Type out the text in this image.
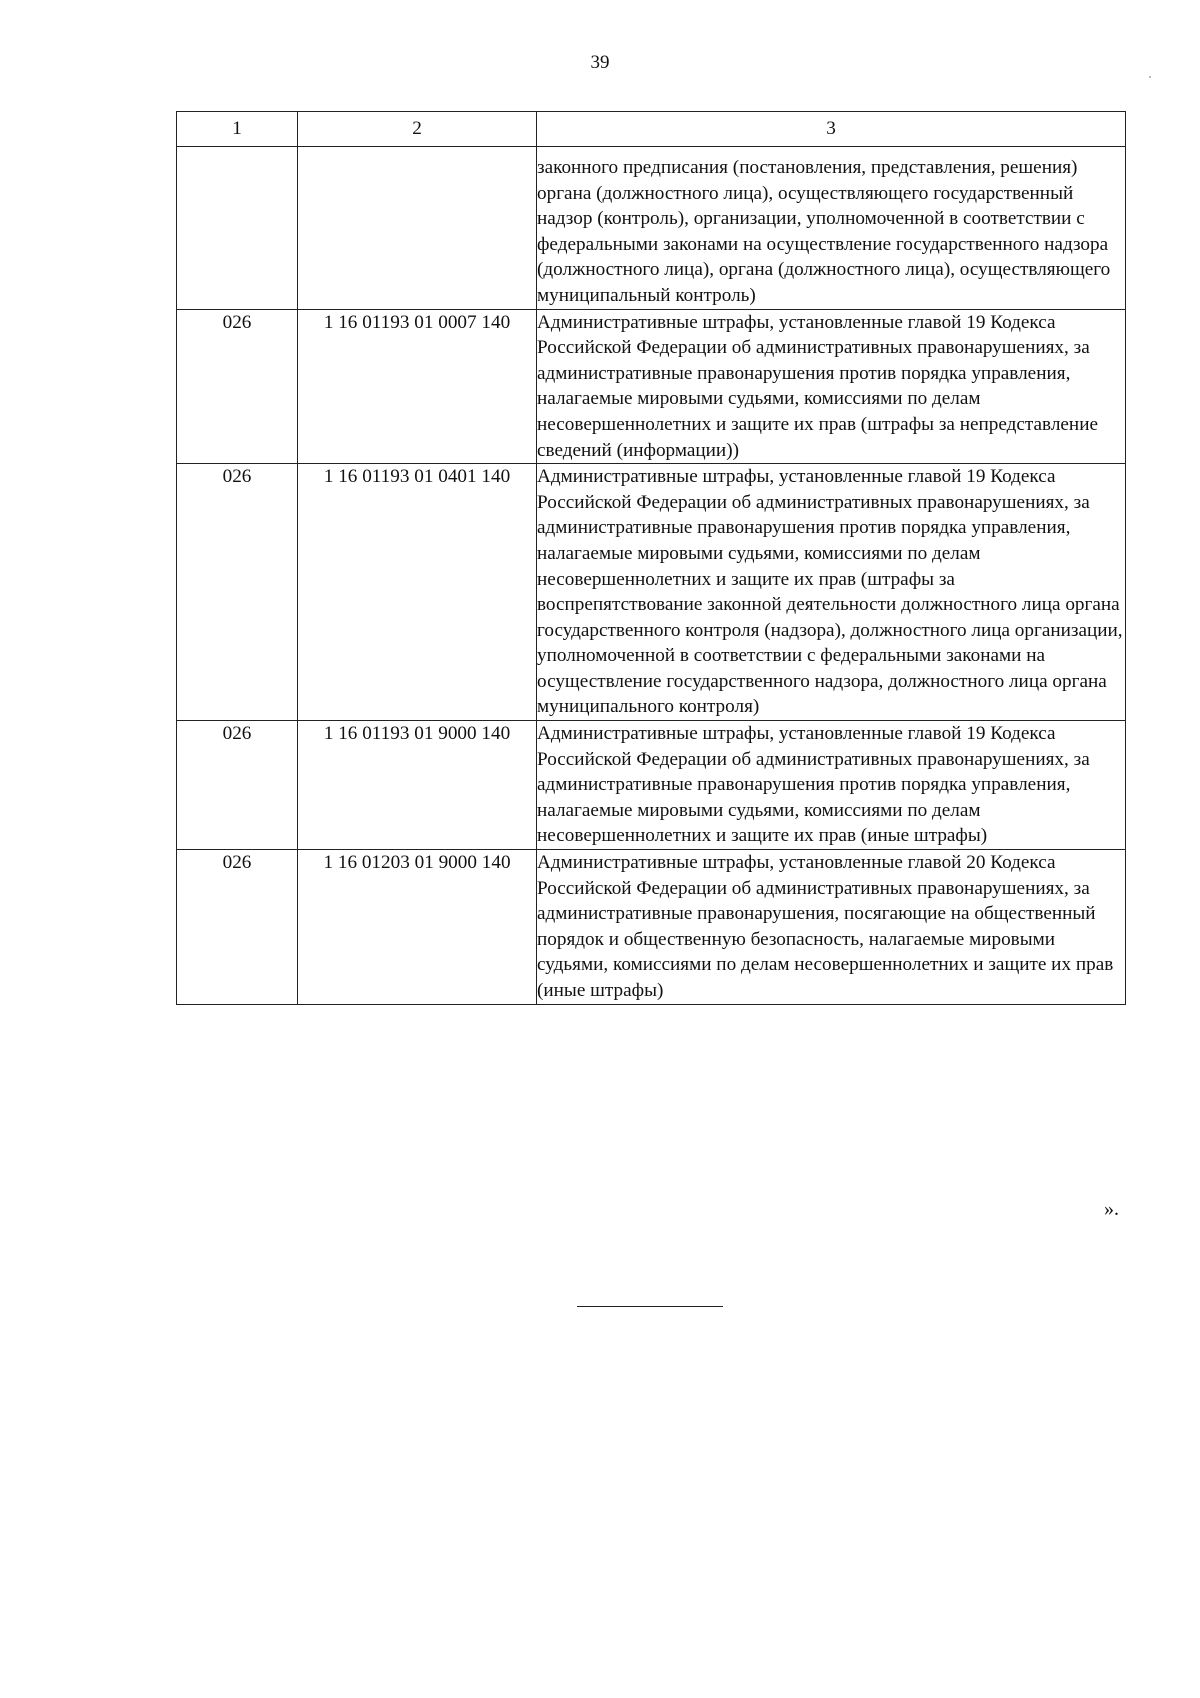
39
1	2	3
		законного предписания (постановления, представления, решения) органа (должностного лица), осуществляющего государственный надзор (контроль), организации, уполномоченной в соответствии с федеральными законами на осуществление государственного надзора (должностного лица), органа (должностного лица), осуществляющего муниципальный контроль)
026	1 16 01193 01 0007 140	Административные штрафы, установленные главой 19 Кодекса Российской Федерации об административных правонарушениях, за административные правонарушения против порядка управления, налагаемые мировыми судьями, комиссиями по делам несовершеннолетних и защите их прав (штрафы за непредставление сведений (информации))
026	1 16 01193 01 0401 140	Административные штрафы, установленные главой 19 Кодекса Российской Федерации об административных правонарушениях, за административные правонарушения против порядка управления, налагаемые мировыми судьями, комиссиями по делам несовершеннолетних и защите их прав (штрафы за воспрепятствование законной деятельности должностного лица органа государственного контроля (надзора), должностного лица организации, уполномоченной в соответствии с федеральными законами на осуществление государственного надзора, должностного лица органа муниципального контроля)
026	1 16 01193 01 9000 140	Административные штрафы, установленные главой 19 Кодекса Российской Федерации об административных правонарушениях, за административные правонарушения против порядка управления, налагаемые мировыми судьями, комиссиями по делам несовершеннолетних и защите их прав (иные штрафы)
026	1 16 01203 01 9000 140	Административные штрафы, установленные главой 20 Кодекса Российской Федерации об административных правонарушениях, за административные правонарушения, посягающие на общественный порядок и общественную безопасность, налагаемые мировыми судьями, комиссиями по делам несовершеннолетних и защите их прав (иные штрафы)
».
